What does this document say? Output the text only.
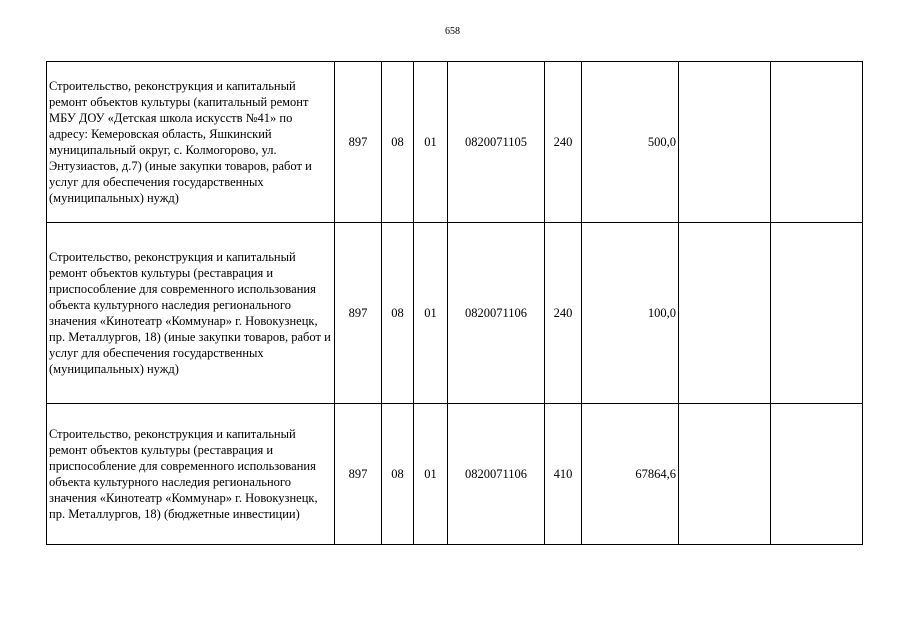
658
Строительство, реконструкция и капитальный ремонт объектов культуры (капитальный ремонт МБУ ДОУ «Детская школа искусств №41» по адресу: Кемеровская область, Яшкинский муниципальный округ, с. Колмогорово, ул. Энтузиастов, д.7) (иные закупки товаров, работ и услуг для обеспечения государственных (муниципальных) нужд)	897	08	01	0820071105	240	500,0		
Строительство, реконструкция и капитальный ремонт объектов культуры (реставрация и приспособление для современного использования объекта культурного наследия регионального значения «Кинотеатр «Коммунар» г. Новокузнецк, пр. Металлургов, 18) (иные закупки товаров, работ и услуг для обеспечения государственных (муниципальных) нужд)	897	08	01	0820071106	240	100,0		
Строительство, реконструкция и капитальный ремонт объектов культуры (реставрация и приспособление для современного использования объекта культурного наследия регионального значения «Кинотеатр «Коммунар» г. Новокузнецк, пр. Металлургов, 18) (бюджетные инвестиции)	897	08	01	0820071106	410	67864,6		
